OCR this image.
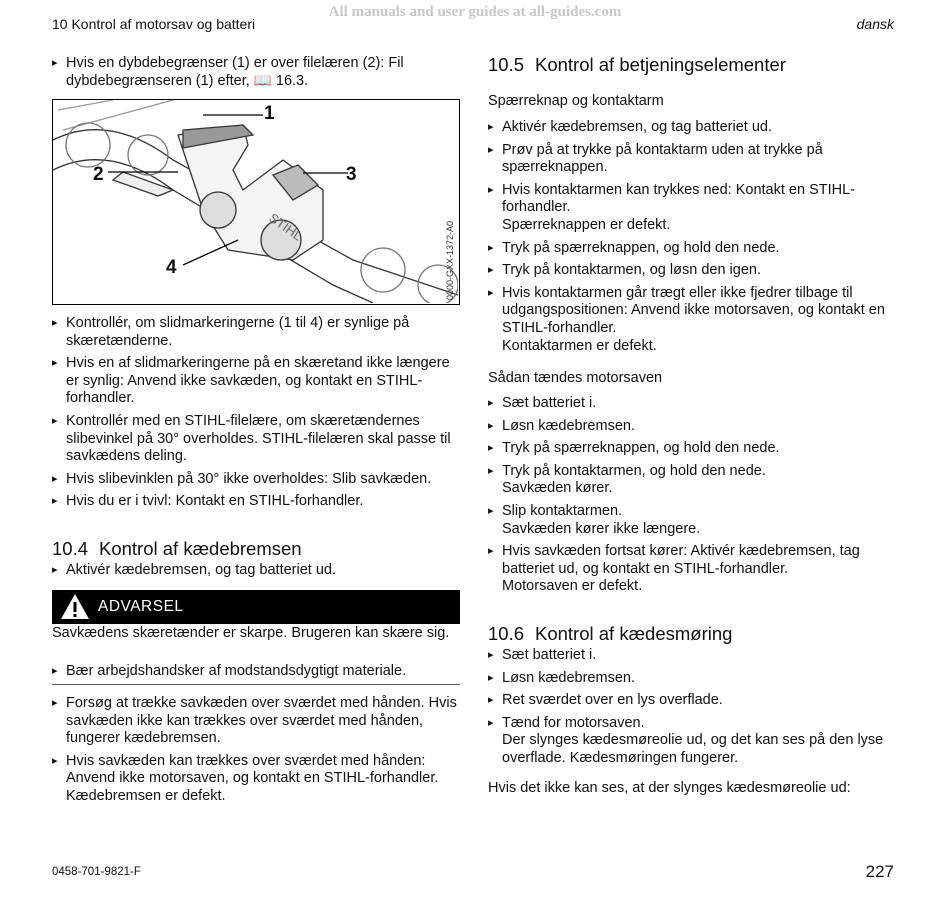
All manuals and user guides at all-guides.com
10 Kontrol af motorsav og batteri	dansk
▸ Hvis en dybdebegrænser (1) er over filelæren (2): Fil dybdebegrænseren (1) efter, 📖 16.3.
STIHL	0000-GXX-1372-A0
1
2	3
4
▸ Kontrollér, om slidmarkeringerne (1 til 4) er synlige på skæretænderne.
▸ Hvis en af slidmarkeringerne på en skæretand ikke længere er synlig: Anvend ikke savkæden, og kontakt en STIHL-forhandler.
▸ Kontrollér med en STIHL-filelære, om skæretændernes slibevinkel på 30° overholdes. STIHL-filelæren skal passe til savkædens deling.
▸ Hvis slibevinklen på 30° ikke overholdes: Slib savkæden.
▸ Hvis du er i tvivl: Kontakt en STIHL-forhandler.
10.4 Kontrol af kædebremsen
▸ Aktivér kædebremsen, og tag batteriet ud.
ADVARSEL
Savkædens skæretænder er skarpe. Brugeren kan skære sig.
▸ Bær arbejdshandsker af modstandsdygtigt materiale.
▸ Forsøg at trække savkæden over sværdet med hånden. Hvis savkæden ikke kan trækkes over sværdet med hånden, fungerer kædebremsen.
▸ Hvis savkæden kan trækkes over sværdet med hånden: Anvend ikke motorsaven, og kontakt en STIHL-forhandler. Kædebremsen er defekt.
10.5 Kontrol af betjeningselementer
Spærreknap og kontaktarm
▸ Aktivér kædebremsen, og tag batteriet ud.
▸ Prøv på at trykke på kontaktarm uden at trykke på spærreknappen.
▸ Hvis kontaktarmen kan trykkes ned: Kontakt en STIHL-forhandler.
Spærreknappen er defekt.
▸ Tryk på spærreknappen, og hold den nede.
▸ Tryk på kontaktarmen, og løsn den igen.
▸ Hvis kontaktarmen går trægt eller ikke fjedrer tilbage til udgangspositionen: Anvend ikke motorsaven, og kontakt en STIHL-forhandler.
Kontaktarmen er defekt.
Sådan tændes motorsaven
▸ Sæt batteriet i.
▸ Løsn kædebremsen.
▸ Tryk på spærreknappen, og hold den nede.
▸ Tryk på kontaktarmen, og hold den nede.
Savkæden kører.
▸ Slip kontaktarmen.
Savkæden kører ikke længere.
▸ Hvis savkæden fortsat kører: Aktivér kædebremsen, tag batteriet ud, og kontakt en STIHL-forhandler.
Motorsaven er defekt.
10.6 Kontrol af kædesmøring
▸ Sæt batteriet i.
▸ Løsn kædebremsen.
▸ Ret sværdet over en lys overflade.
▸ Tænd for motorsaven.
Der slynges kædesmøreolie ud, og det kan ses på den lyse overflade. Kædesmøringen fungerer.
Hvis det ikke kan ses, at der slynges kædesmøreolie ud:
0458-701-9821-F	227
